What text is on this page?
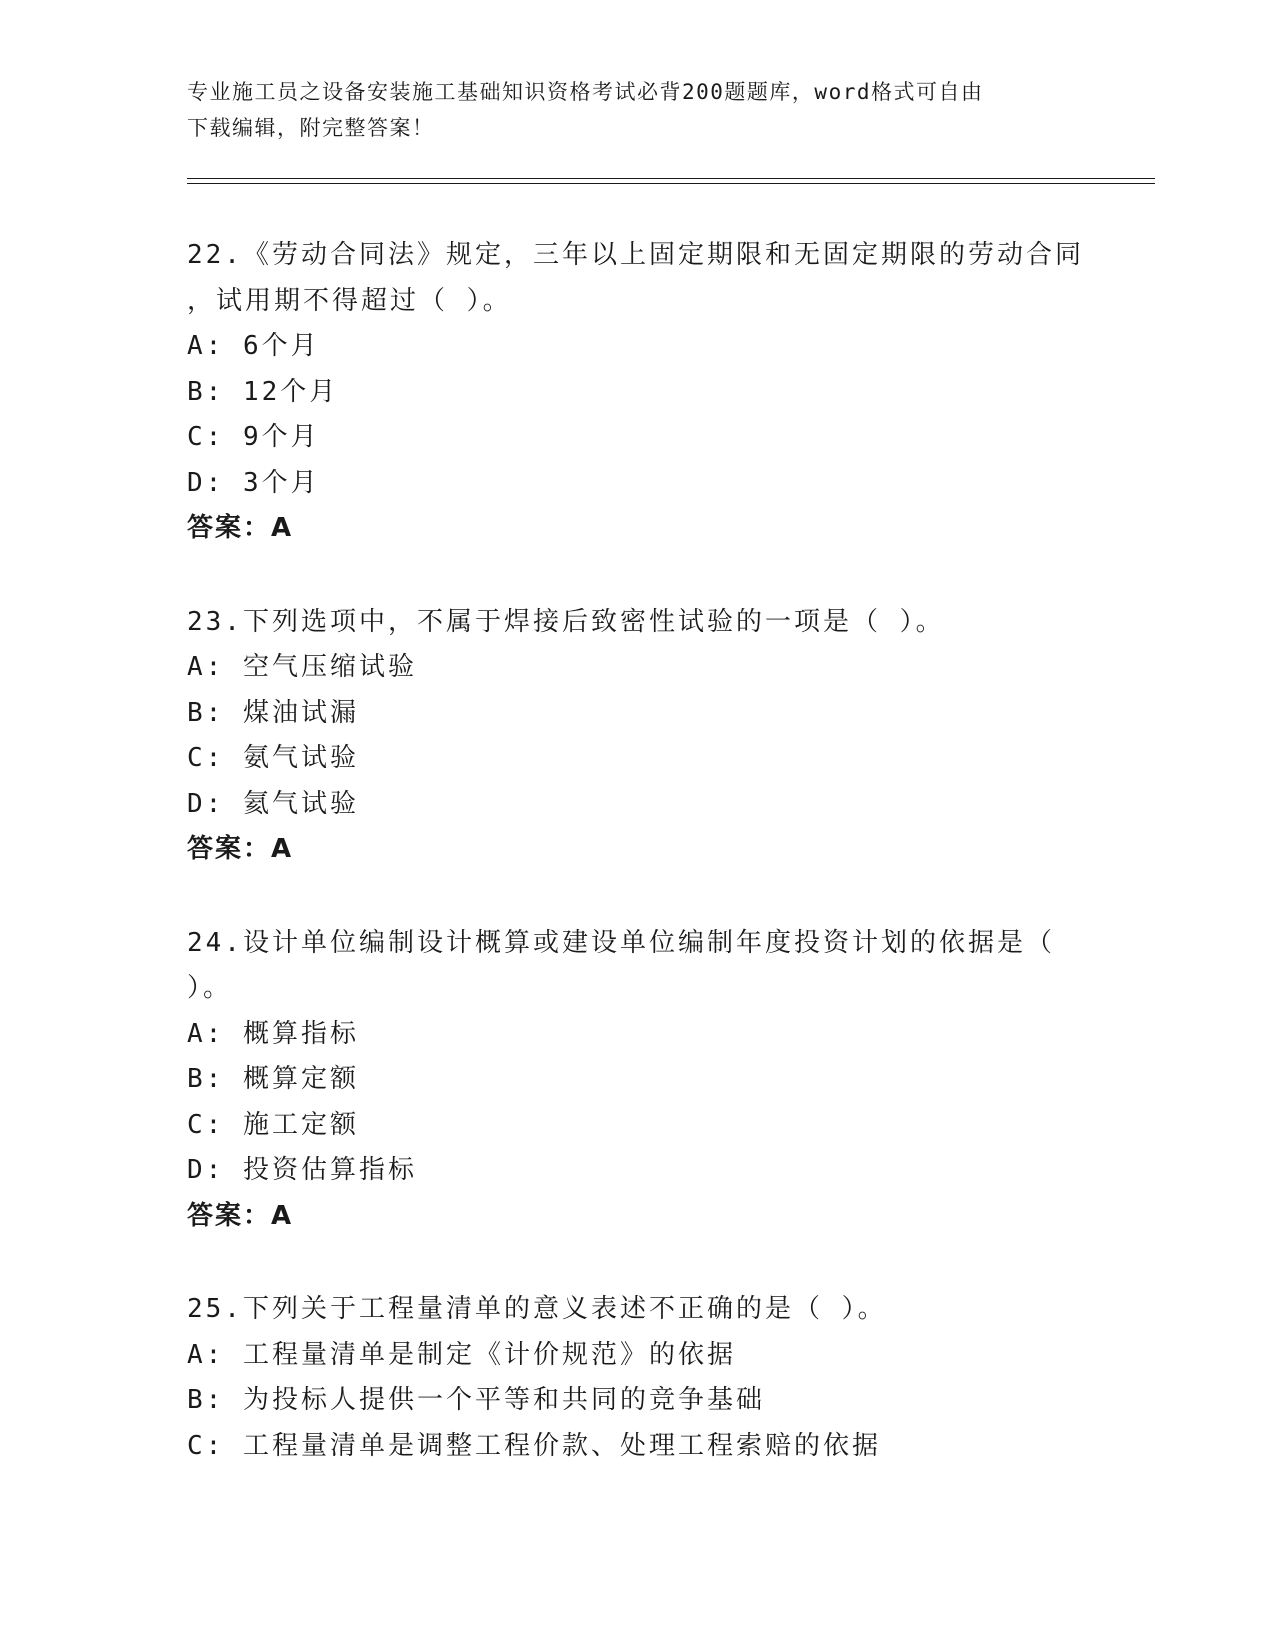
专业施工员之设备安装施工基础知识资格考试必背200题题库，word格式可自由
下载编辑，附完整答案！
22.《劳动合同法》规定，三年以上固定期限和无固定期限的劳动合同
，试用期不得超过（ ）。
A: 6个月
B: 12个月
C: 9个月
D: 3个月
答案：A
23.下列选项中，不属于焊接后致密性试验的一项是（ ）。
A: 空气压缩试验
B: 煤油试漏
C: 氨气试验
D: 氦气试验
答案：A
24.设计单位编制设计概算或建设单位编制年度投资计划的依据是（
）。
A: 概算指标
B: 概算定额
C: 施工定额
D: 投资估算指标
答案：A
25.下列关于工程量清单的意义表述不正确的是（ ）。
A: 工程量清单是制定《计价规范》的依据
B: 为投标人提供一个平等和共同的竞争基础
C: 工程量清单是调整工程价款、处理工程索赔的依据
